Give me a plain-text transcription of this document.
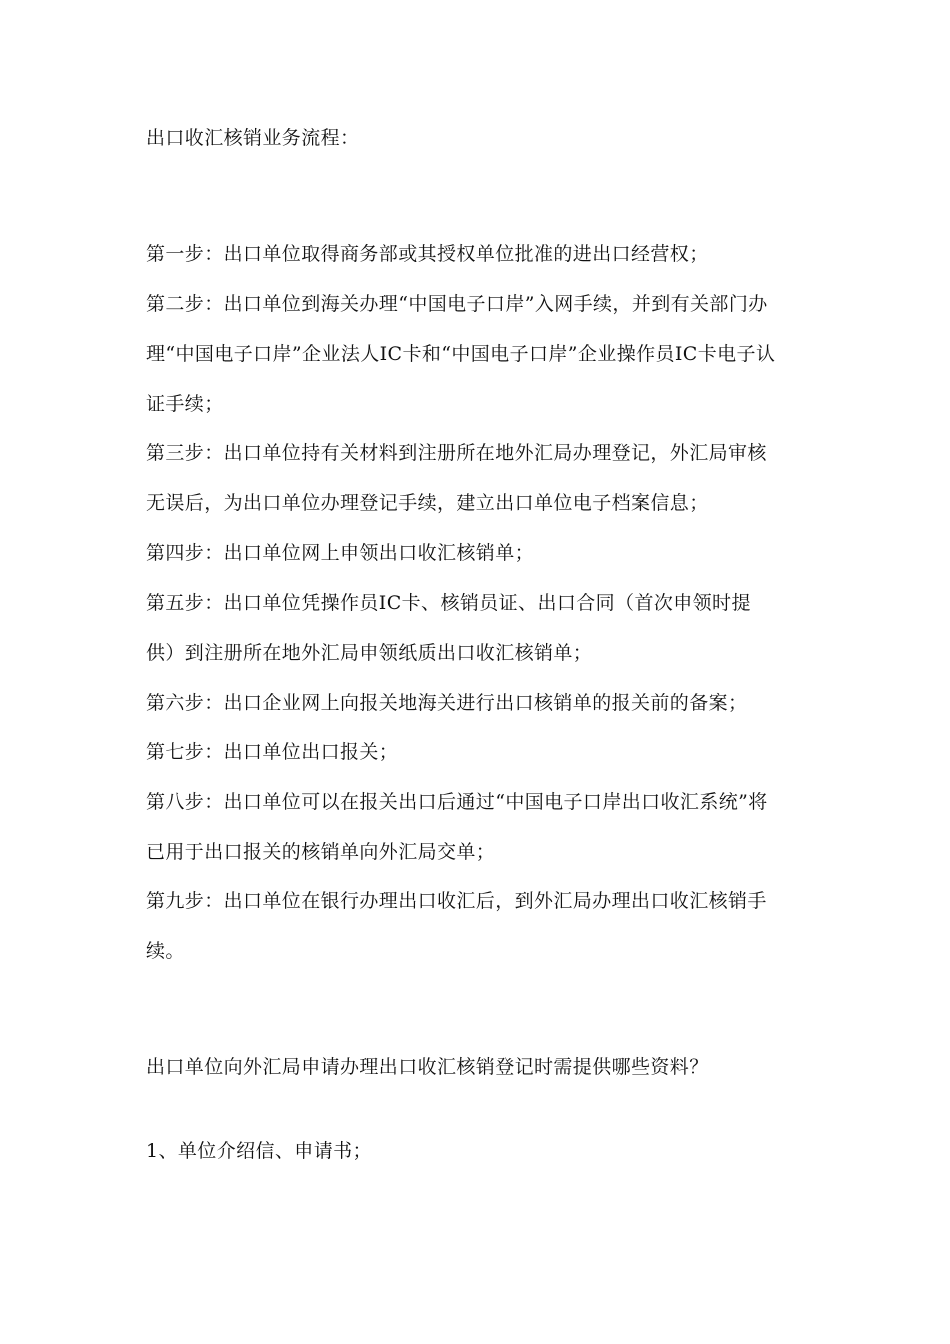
出口收汇核销业务流程：
第一步：出口单位取得商务部或其授权单位批准的进出口经营权；
第二步：出口单位到海关办理“中国电子口岸”入网手续，并到有关部门办
理“中国电子口岸”企业法人IC卡和“中国电子口岸”企业操作员IC卡电子认
证手续；
第三步：出口单位持有关材料到注册所在地外汇局办理登记，外汇局审核
无误后，为出口单位办理登记手续，建立出口单位电子档案信息；
第四步：出口单位网上申领出口收汇核销单；
第五步：出口单位凭操作员IC卡、核销员证、出口合同（首次申领时提
供）到注册所在地外汇局申领纸质出口收汇核销单；
第六步：出口企业网上向报关地海关进行出口核销单的报关前的备案；
第七步：出口单位出口报关；
第八步：出口单位可以在报关出口后通过“中国电子口岸出口收汇系统”将
已用于出口报关的核销单向外汇局交单；
第九步：出口单位在银行办理出口收汇后，到外汇局办理出口收汇核销手
续。
出口单位向外汇局申请办理出口收汇核销登记时需提供哪些资料？
1、单位介绍信、申请书；
